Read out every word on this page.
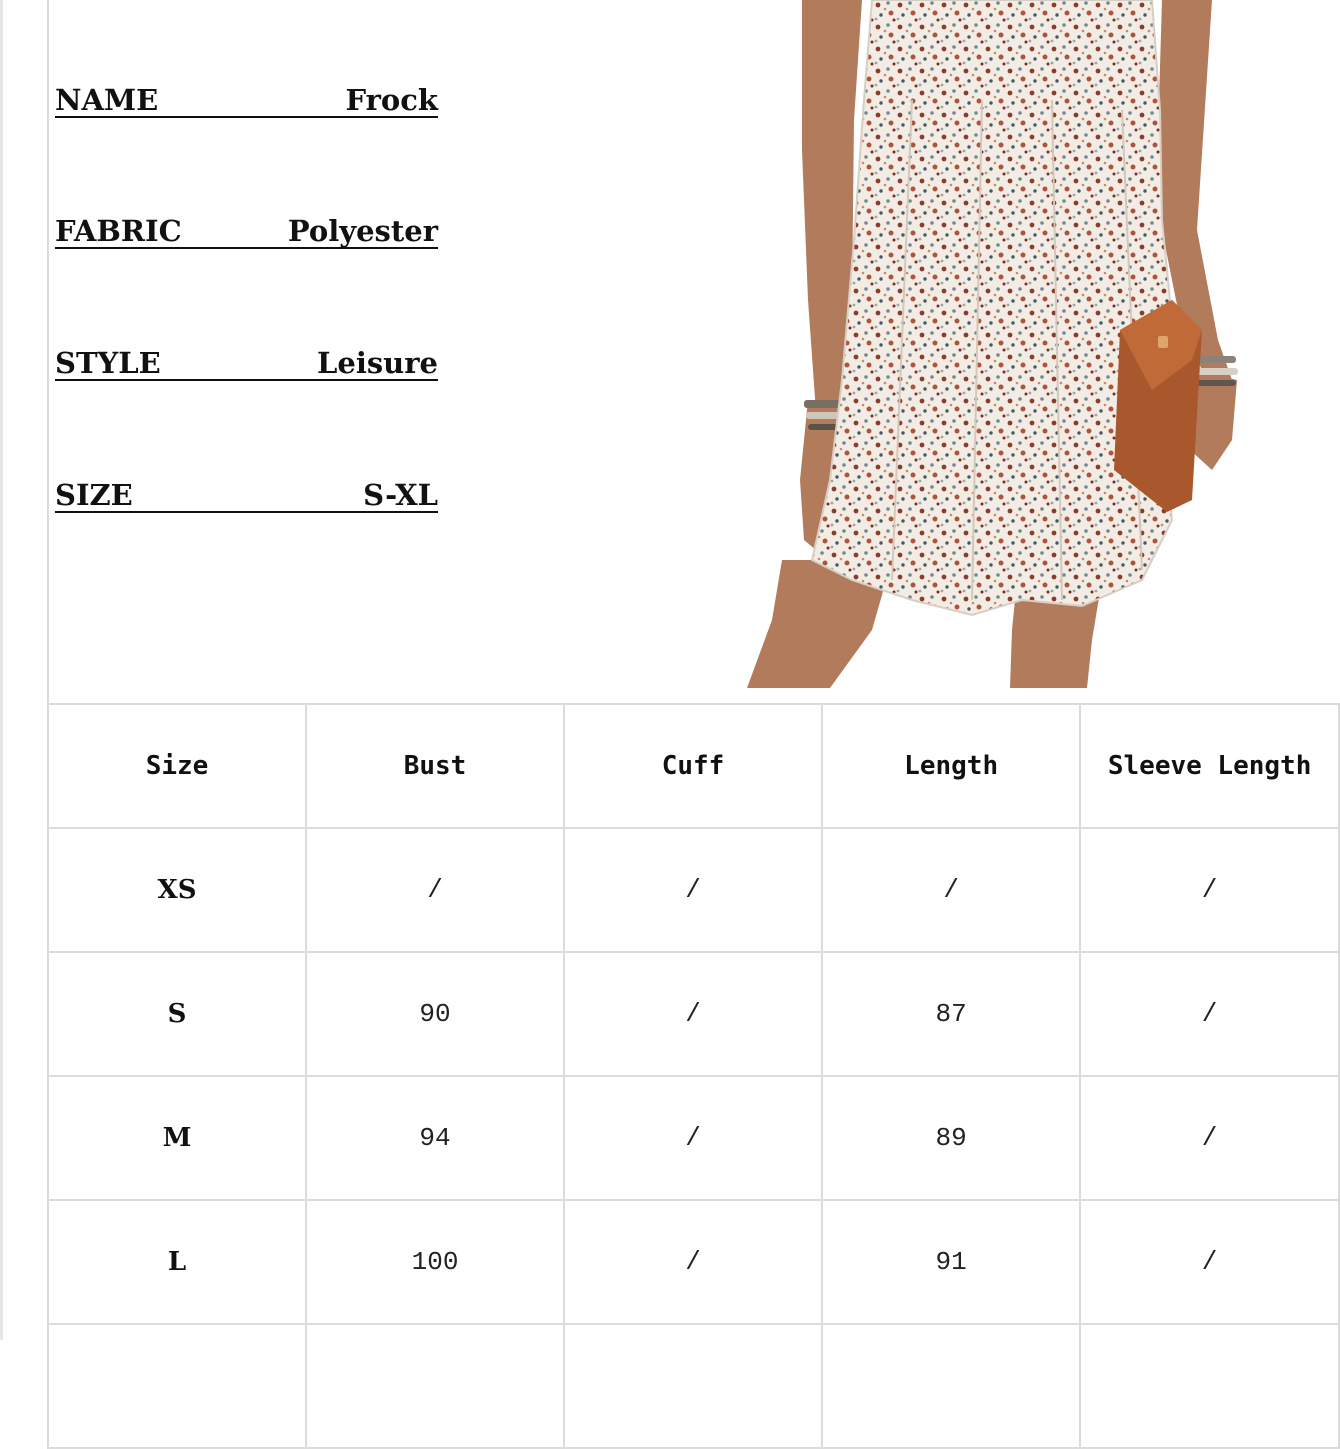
NAME	Frock
FABRIC	Polyester
STYLE	Leisure
SIZE	S-XL
Size	Bust	Cuff	Length	Sleeve Length
XS	/	/	/	/
S	90	/	87	/
M	94	/	89	/
L	100	/	91	/
